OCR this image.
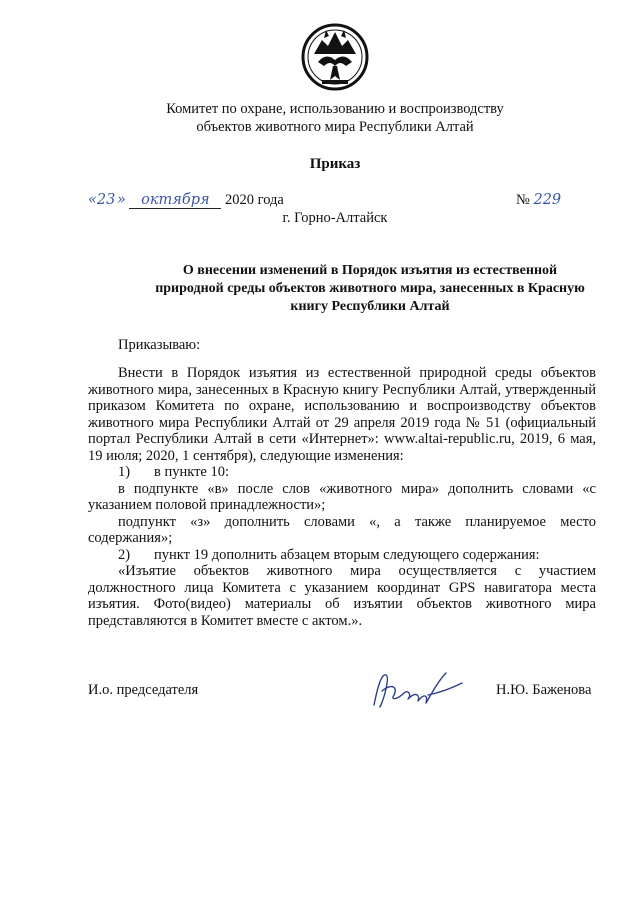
Комитет по охране, использованию и воспроизводству
объектов животного мира Республики Алтай
Приказ
«23 » октября 2020 года	№ 229
г. Горно-Алтайск
О внесении изменений в Порядок изъятия из естественной природной среды объектов животного мира, занесенных в Красную книгу Республики Алтай
Приказываю:

Внести в Порядок изъятия из естественной природной среды объектов животного мира, занесенных в Красную книгу Республики Алтай, утвержденный приказом Комитета по охране, использованию и воспроизводству объектов животного мира Республики Алтай от 29 апреля 2019 года № 51 (официальный портал Республики Алтай в сети «Интернет»: www.altai-republic.ru, 2019, 6 мая, 19 июля; 2020, 1 сентября), следующие изменения:

1)	в пункте 10:

в подпункте «в» после слов «животного мира» дополнить словами «с указанием половой принадлежности»;

подпункт «з» дополнить словами «, а также планируемое место содержания»;

2)	пункт 19 дополнить абзацем вторым следующего содержания:

«Изъятие объектов животного мира осуществляется с участием должностного лица Комитета с указанием координат GPS навигатора места изъятия. Фото(видео) материалы об изъятии объектов животного мира представляются в Комитет вместе с актом.».

И.о. председателя	Н.Ю. Баженова
